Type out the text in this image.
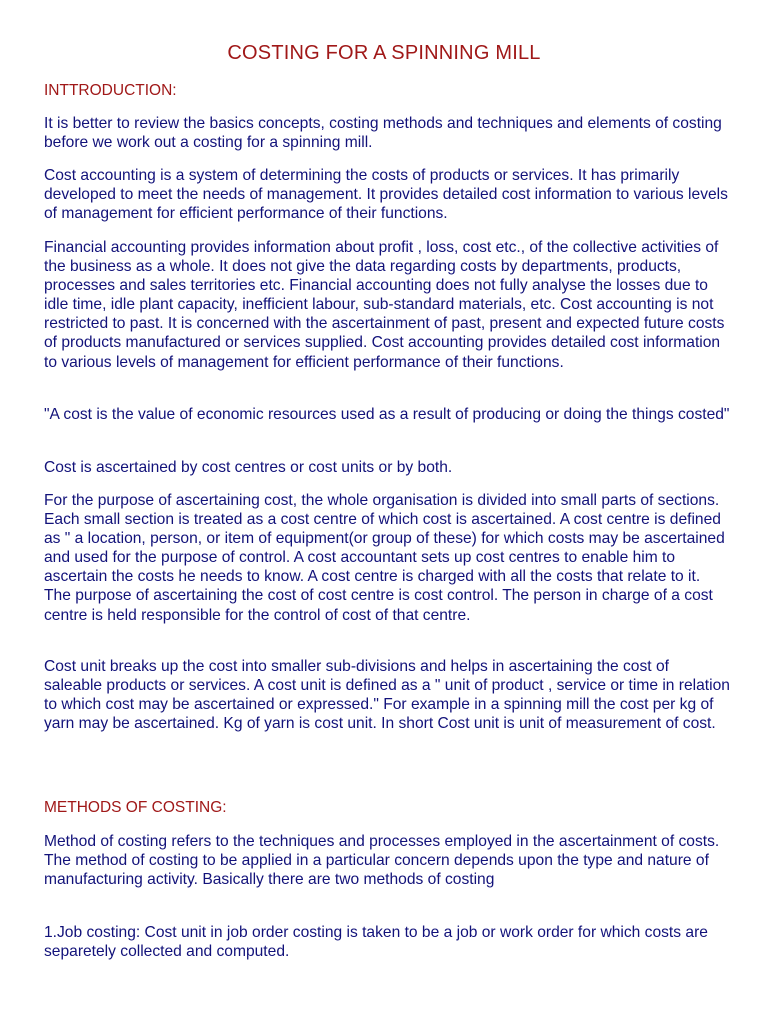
COSTING FOR A SPINNING MILL
INTTRODUCTION:
It is better to review the basics concepts, costing methods and techniques and elements of costing before we work out a costing for a spinning mill.
Cost accounting is a system of determining the costs of products or services. It has primarily developed to meet the needs of management. It provides detailed cost information to various levels of management for efficient performance of their functions.
Financial accounting provides information about profit , loss, cost etc., of the collective activities of the business as a whole. It does not give the data regarding costs by departments, products, processes and sales territories etc. Financial accounting does not fully analyse the losses due to idle time, idle plant capacity, inefficient labour, sub-standard materials, etc. Cost accounting is not restricted to past. It is concerned with the ascertainment of past, present and expected future costs of products manufactured or services supplied. Cost accounting provides detailed cost information to various levels of management for efficient performance of their functions.
"A cost is the value of economic resources used as a result of producing or doing the things costed"
Cost is ascertained by cost centres or cost units or by both.
For the purpose of ascertaining cost, the whole organisation is divided into small parts of sections. Each small section is treated as a cost centre of which cost is ascertained. A cost centre is defined as " a location, person, or item of equipment(or group of these) for which costs may be ascertained and used for the purpose of control. A cost accountant sets up cost centres to enable him to ascertain the costs he needs to know. A cost centre is charged with all the costs that relate to it. The purpose of ascertaining the cost of cost centre is cost control. The person in charge of a cost centre is held responsible for the control of cost of that centre.
Cost unit breaks up the cost into smaller sub-divisions and helps in ascertaining the cost of saleable products or services. A cost unit is defined as a " unit of product , service or time in relation to which cost may be ascertained or expressed." For example in a spinning mill the cost per kg of yarn may be ascertained. Kg of yarn is cost unit. In short Cost unit is unit of measurement of cost.
METHODS OF COSTING:
Method of costing refers to the techniques and processes employed in the ascertainment of costs. The method of costing to be applied in a particular concern depends upon the type and nature of manufacturing activity. Basically there are two methods of costing
1.Job costing: Cost unit in job order costing is taken to be a job or work order for which costs are separetely collected and computed.
